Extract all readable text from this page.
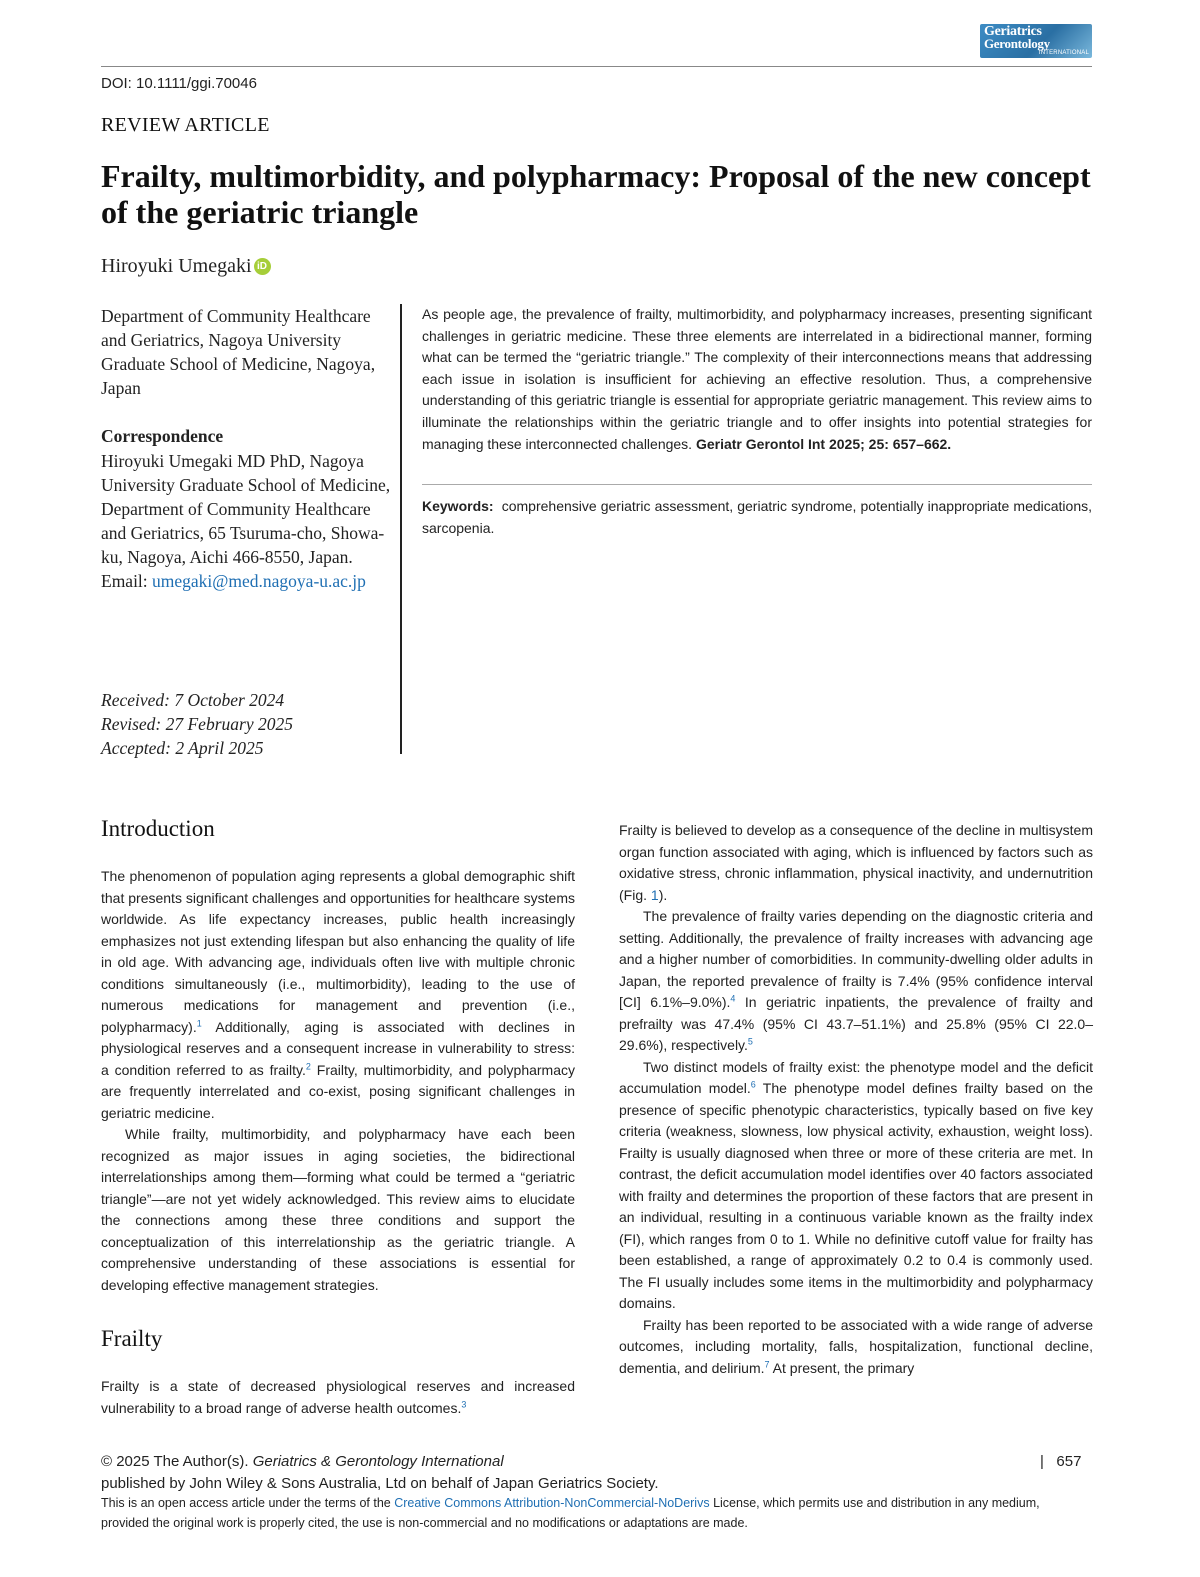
Geriatrics
Gerontology
INTERNATIONAL
DOI: 10.1111/ggi.70046
REVIEW ARTICLE
Frailty, multimorbidity, and polypharmacy: Proposal of the new concept of the geriatric triangle
Hiroyuki Umegaki iD
Department of Community Healthcare and Geriatrics, Nagoya University Graduate School of Medicine, Nagoya, Japan
Correspondence
Hiroyuki Umegaki MD PhD, Nagoya University Graduate School of Medicine, Department of Community Healthcare and Geriatrics, 65 Tsuruma-cho, Showa-ku, Nagoya, Aichi 466-8550, Japan.
Email: umegaki@med.nagoya-u.ac.jp
Received: 7 October 2024
Revised: 27 February 2025
Accepted: 2 April 2025
As people age, the prevalence of frailty, multimorbidity, and polypharmacy increases, presenting significant challenges in geriatric medicine. These three elements are interrelated in a bidirectional manner, forming what can be termed the “geriatric triangle.” The complexity of their interconnections means that addressing each issue in isolation is insufficient for achieving an effective resolution. Thus, a comprehensive understanding of this geriatric triangle is essential for appropriate geriatric management. This review aims to illuminate the relationships within the geriatric triangle and to offer insights into potential strategies for managing these interconnected challenges. Geriatr Gerontol Int 2025; 25: 657–662.
Keywords: comprehensive geriatric assessment, geriatric syndrome, potentially inappropriate medications, sarcopenia.
Introduction

The phenomenon of population aging represents a global demographic shift that presents significant challenges and opportunities for healthcare systems worldwide. As life expectancy increases, public health increasingly emphasizes not just extending lifespan but also enhancing the quality of life in old age. With advancing age, individuals often live with multiple chronic conditions simultaneously (i.e., multimorbidity), leading to the use of numerous medications for management and prevention (i.e., polypharmacy).$^1$ Additionally, aging is associated with declines in physiological reserves and a consequent increase in vulnerability to stress: a condition referred to as frailty.$^2$ Frailty, multimorbidity, and polypharmacy are frequently interrelated and co-exist, posing significant challenges in geriatric medicine.

While frailty, multimorbidity, and polypharmacy have each been recognized as major issues in aging societies, the bidirectional interrelationships among them—forming what could be termed a “geriatric triangle”—are not yet widely acknowledged. This review aims to elucidate the connections among these three conditions and support the conceptualization of this interrelationship as the geriatric triangle. A comprehensive understanding of these associations is essential for developing effective management strategies.

Frailty

Frailty is a state of decreased physiological reserves and increased vulnerability to a broad range of adverse health outcomes.$^3$

Frailty is believed to develop as a consequence of the decline in multisystem organ function associated with aging, which is influenced by factors such as oxidative stress, chronic inflammation, physical inactivity, and undernutrition (Fig. 1).

The prevalence of frailty varies depending on the diagnostic criteria and setting. Additionally, the prevalence of frailty increases with advancing age and a higher number of comorbidities. In community-dwelling older adults in Japan, the reported prevalence of frailty is 7.4% (95% confidence interval [CI] 6.1%–9.0%).$^4$ In geriatric inpatients, the prevalence of frailty and prefrailty was 47.4% (95% CI 43.7–51.1%) and 25.8% (95% CI 22.0–29.6%), respectively.$^5$

Two distinct models of frailty exist: the phenotype model and the deficit accumulation model.$^6$ The phenotype model defines frailty based on the presence of specific phenotypic characteristics, typically based on five key criteria (weakness, slowness, low physical activity, exhaustion, weight loss). Frailty is usually diagnosed when three or more of these criteria are met. In contrast, the deficit accumulation model identifies over 40 factors associated with frailty and determines the proportion of these factors that are present in an individual, resulting in a continuous variable known as the frailty index (FI), which ranges from 0 to 1. While no definitive cutoff value for frailty has been established, a range of approximately 0.2 to 0.4 is commonly used. The FI usually includes some items in the multimorbidity and polypharmacy domains.

Frailty has been reported to be associated with a wide range of adverse outcomes, including mortality, falls, hospitalization, functional decline, dementia, and delirium.$^7$ At present, the primary

© 2025 The Author(s). Geriatrics & Gerontology International	|   657
published by John Wiley & Sons Australia, Ltd on behalf of Japan Geriatrics Society.
This is an open access article under the terms of the Creative Commons Attribution-NonCommercial-NoDerivs License, which permits use and distribution in any medium, provided the original work is properly cited, the use is non-commercial and no modifications or adaptations are made.
